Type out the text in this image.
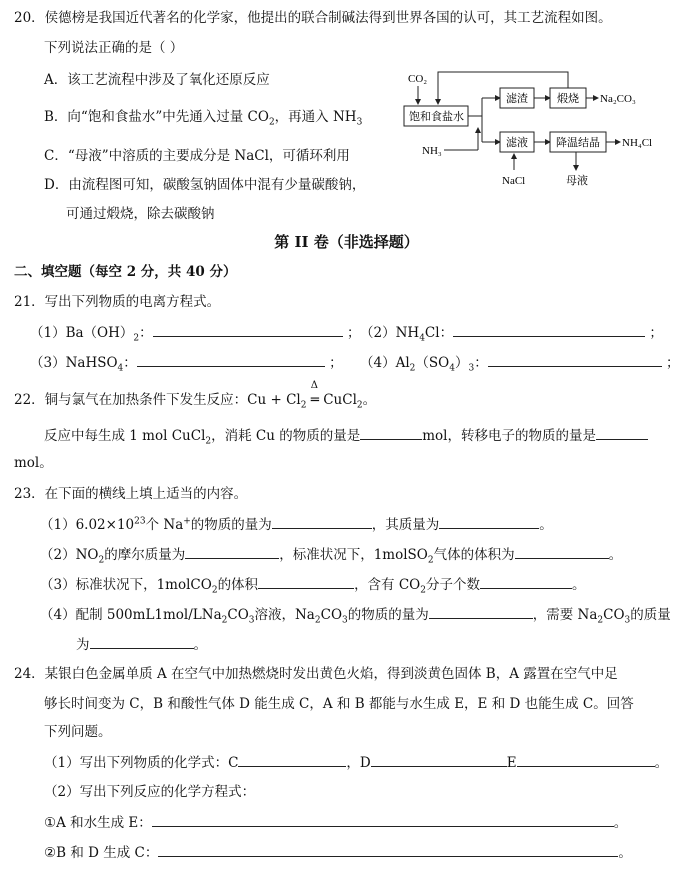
20．侯德榜是我国近代著名的化学家，他提出的联合制碱法得到世界各国的认可，其工艺流程如图。
下列说法正确的是（ ）
A．该工艺流程中涉及了氧化还原反应
B．向“饱和食盐水”中先通入过量 $CO_2$，再通入 $NH_3$
C．“母液”中溶质的主要成分是 NaCl，可循环利用
D．由流程图可知，碳酸氢钠固体中混有少量碳酸钠，
可通过煅烧，除去碳酸钠
CO₂
饱和食盐水
滤渣	煅烧 Na₂CO₃
NH₃
滤液	降温结晶 NH₄Cl
NaCl	母液
第 II 卷（非选择题）
二、填空题（每空 2 分，共 40 分）
21．写出下列物质的电离方程式。
$(1)Ba(OH)_2$：	； $(2)NH_4Cl$：	；
（3）NaHSO$_4$：	； $(4)Al_2(SO_4)_3$：	；
22．铜与氯气在加热条件下发生反应：$Cu + Cl_2$
Δ
═ CuCl$_2$。
反应中每生成 1 mol CuCl$_2$，消耗 Cu 的物质的量是	mol，转移电子的物质的量是
mol。
23．在下面的横线上填上适当的内容。
$(1)6.02\times 10^{23}$个 Na+的物质的量为	，其质量为	。
$(2)NO_2$的摩尔质量为	，标准状况下，1molSO$_2$气体的体积为	。
（3）标准状况下，1molCO$_2$的体积	，含有 $CO_2$分子个数	。
（4）配制 $500mL1mol/LNa_2CO_3$溶液，$Na_2CO_3$的物质的量为	，需要 $Na_2CO_3$的质量
为	。
24．某银白色金属单质 A 在空气中加热燃烧时发出黄色火焰，得到淡黄色固体 B，A 露置在空气中足
够长时间变为 C，B 和酸性气体 D 能生成 C，A 和 B 都能与水生成 E，E 和 D 也能生成 C。回答
下列问题。
（1）写出下列物质的化学式：C	，D	E	。
（2）写出下列反应的化学方程式：
①A 和水生成 E：	。
②B 和 D 生成 C：	。
